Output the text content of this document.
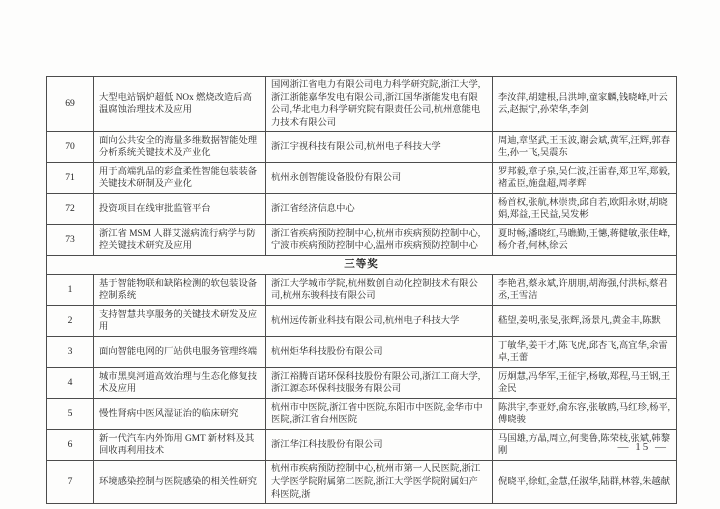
69	大型电站锅炉超低 NOx 燃烧改造后高温腐蚀治理技术及应用	国网浙江省电力有限公司电力科学研究院,浙江大学,浙江浙能嘉华发电有限公司,浙江国华浙能发电有限公司,华北电力科学研究院有限责任公司,杭州意能电力技术有限公司	李汝萍,胡建根,吕洪坤,童家麟,钱晓峰,叶云云,赵振宁,孙荣华,李剑
70	面向公共安全的海量多维数据智能处理分析系统关键技术及产业化	浙江宇视科技有限公司,杭州电子科技大学	周迪,章坚武,王玉波,谢会斌,黄军,汪辉,郭春生,孙一飞,吴震东
71	用于高端乳品的彩盒柔性智能包装装备关键技术研制及产业化	杭州永创智能设备股份有限公司	罗邦毅,章子泉,吴仁波,汪雷春,郑卫军,郑毅,褚孟臣,施盘超,周孝辉
72	投资项目在线审批监管平台	浙江省经济信息中心	杨首权,张航,林崇贵,邱自若,欧阳永财,胡晓娟,郑益,王民益,吴发彬
73	浙江省 MSM 人群艾滋病流行病学与防控关键技术研究及应用	浙江省疾病预防控制中心,杭州市疾病预防控制中心,宁波市疾病预防控制中心,温州市疾病预防控制中心	夏时畅,潘晓红,马瞧勤,王憓,蒋健敏,张佳峰,杨介者,何林,徐云
三等奖			
1	基于智能物联和缺陷检测的软包装设备控制系统	浙江大学城市学院,杭州数创自动化控制技术有限公司,杭州东骏科技有限公司	李艳君,蔡永斌,许朋朋,胡海强,付洪标,蔡君丞,王雪洁
2	支持智慧共享服务的关键技术研发及应用	杭州远传新业科技有限公司,杭州电子科技大学	嵇望,姜明,张旻,张辉,汤景凡,黄金丰,陈默
3	面向智能电网的厂站供电服务管理终端	杭州炬华科技股份有限公司	丁敏华,姜干才,陈飞虎,邱杏飞,高宜华,余雷卓,王蕾
4	城市黑臭河道高效治理与生态化修复技术及应用	浙江裕腾百诺环保科技股份有限公司,浙江工商大学,浙江源态环保科技服务有限公司	厉炯慧,冯华军,王征宇,杨敏,郑程,马王钢,王金民
5	慢性肾病中医风湿证治的临床研究	杭州市中医院,浙江省中医院,东阳市中医院,金华市中医院,浙江省台州医院	陈洪宇,李亚妤,俞东容,张敏鸥,马红珍,杨平,傅晓骏
6	新一代汽车内外饰用 GMT 新材料及其回收再利用技术	浙江华江科技股份有限公司	马国雄,方晶,周立,何斐鲁,陈荣枝,张斌,韩黎刚
7	环境感染控制与医院感染的相关性研究	杭州市疾病预防控制中心,杭州市第一人民医院,浙江大学医学院附属第二医院,浙江大学医学院附属妇产科医院,浙	倪晓平,徐虹,金慧,任淑华,陆群,林蓉,朱越献
— 15 —
